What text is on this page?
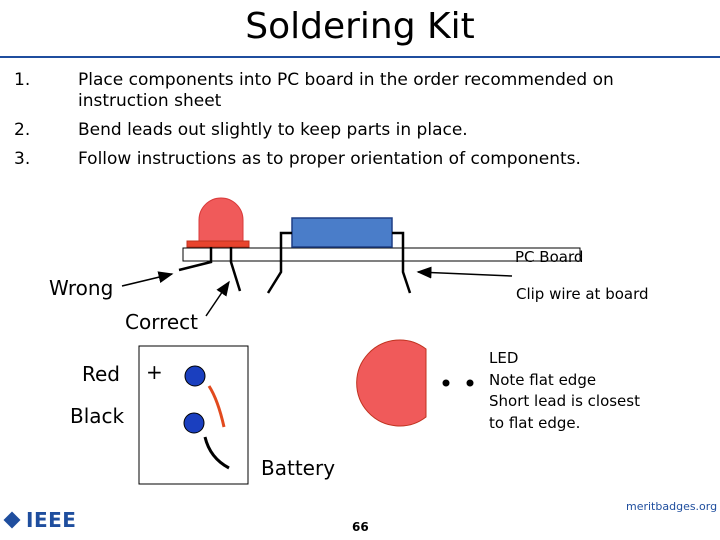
Soldering Kit
1.	Place components into PC board in the order recommended on instruction sheet
2.	Bend leads out slightly to keep parts in place.
3.	Follow instructions as to proper orientation of components.
PC Board
Wrong	Clip wire at board
Correct
Red +
Black
Battery
LED
Note flat edge
Short lead is closest
to flat edge.
IEEE	66
meritbadges.org
